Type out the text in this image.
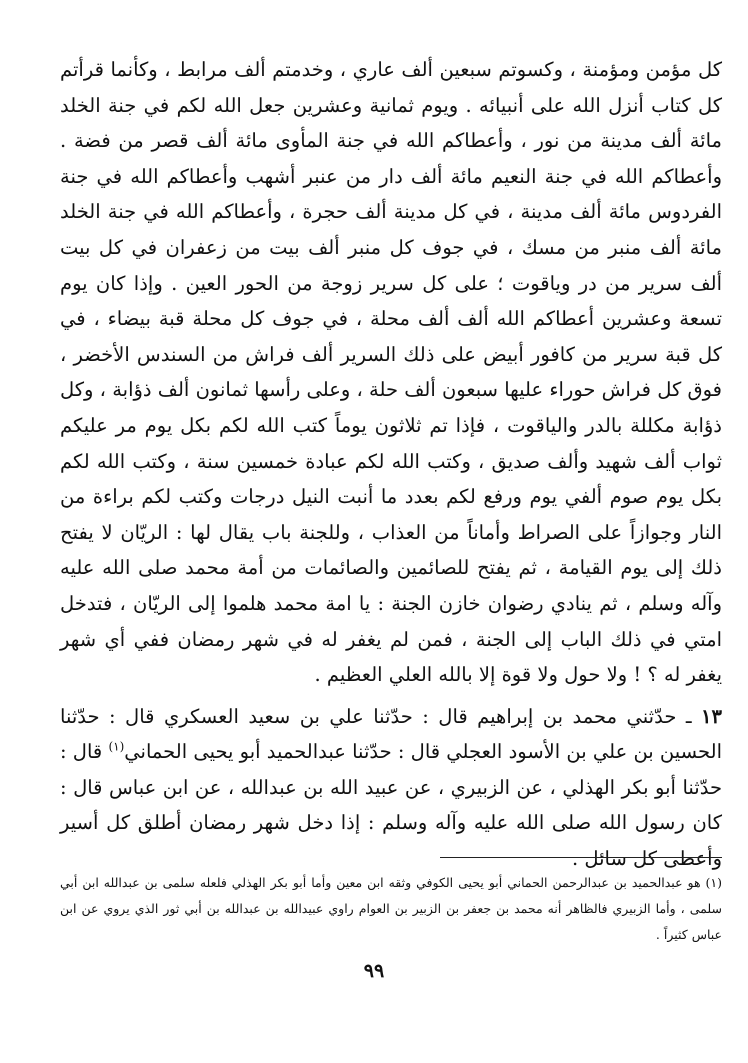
كل مؤمن ومؤمنة ، وكسوتم سبعين ألف عاري ، وخدمتم ألف مرابط ، وكأنما قرأتم كل كتاب أنزل الله على أنبيائه . ويوم ثمانية وعشرين جعل الله لكم في جنة الخلد مائة ألف مدينة من نور ، وأعطاكم الله في جنة المأوى مائة ألف قصر من فضة . وأعطاكم الله في جنة النعيم مائة ألف دار من عنبر أشهب وأعطاكم الله في جنة الفردوس مائة ألف مدينة ، في كل مدينة ألف حجرة ، وأعطاكم الله في جنة الخلد مائة ألف منبر من مسك ، في جوف كل منبر ألف بيت من زعفران في كل بيت ألف سرير من در وياقوت ؛ على كل سرير زوجة من الحور العين . وإذا كان يوم تسعة وعشرين أعطاكم الله ألف ألف محلة ، في جوف كل محلة قبة بيضاء ، في كل قبة سرير من كافور أبيض على ذلك السرير ألف فراش من السندس الأخضر ، فوق كل فراش حوراء عليها سبعون ألف حلة ، وعلى رأسها ثمانون ألف ذؤابة ، وكل ذؤابة مكللة بالدر والياقوت ، فإذا تم ثلاثون يوماً كتب الله لكم بكل يوم مر عليكم ثواب ألف شهيد وألف صديق ، وكتب الله لكم عبادة خمسين سنة ، وكتب الله لكم بكل يوم صوم ألفي يوم ورفع لكم بعدد ما أنبت النيل درجات وكتب لكم براءة من النار وجوازاً على الصراط وأماناً من العذاب ، وللجنة باب يقال لها : الريّان لا يفتح ذلك إلى يوم القيامة ، ثم يفتح للصائمين والصائمات من أمة محمد صلى الله عليه وآله وسلم ، ثم ينادي رضوان خازن الجنة : يا امة محمد هلموا إلى الريّان ، فتدخل امتي في ذلك الباب إلى الجنة ، فمن لم يغفر له في شهر رمضان ففي أي شهر يغفر له ؟ ! ولا حول ولا قوة إلا بالله العلي العظيم .

١٣ ـ حدّثني محمد بن إبراهيم قال : حدّثنا علي بن سعيد العسكري قال : حدّثنا الحسين بن علي بن الأسود العجلي قال : حدّثنا عبدالحميد أبو يحيى الحماني$^{(١)}$ قال : حدّثنا أبو بكر الهذلي ، عن الزبيري ، عن عبيد الله بن عبدالله ، عن ابن عباس قال : كان رسول الله صلى الله عليه وآله وسلم : إذا دخل شهر رمضان أطلق كل أسير وأعطى كل سائل .

(١) هو عبدالحميد بن عبدالرحمن الحماني أبو يحيى الكوفي وثقه ابن معين وأما أبو بكر الهذلي فلعله سلمى بن عبدالله ابن أبي سلمى ، وأما الزبيري فالظاهر أنه محمد بن جعفر بن الزبير بن العوام راوي عبيدالله بن عبدالله بن أبي ثور الذي يروي عن ابن عباس كثيراً .

٩٩
